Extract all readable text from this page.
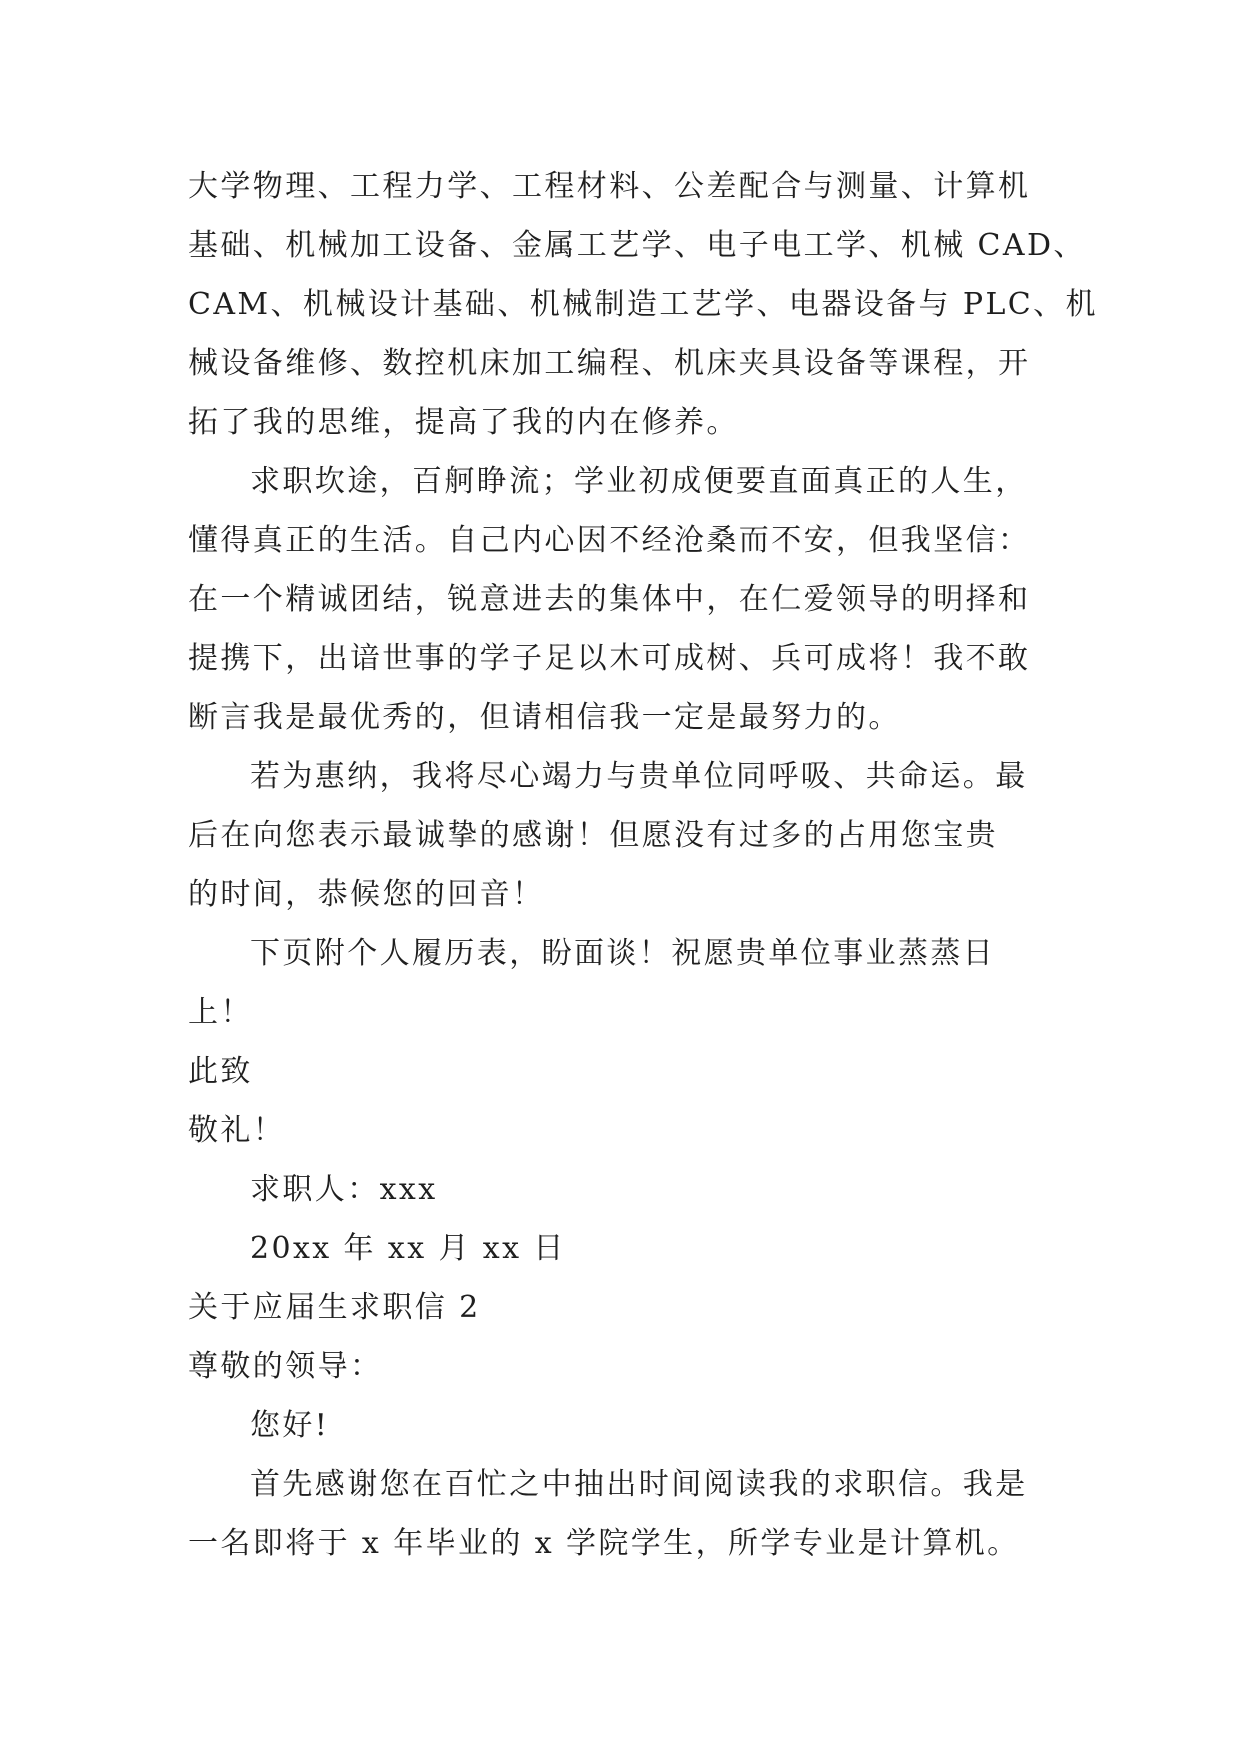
大学物理、工程力学、工程材料、公差配合与测量、计算机

基础、机械加工设备、金属工艺学、电子电工学、机械 CAD、

CAM、机械设计基础、机械制造工艺学、电器设备与 PLC、机

械设备维修、数控机床加工编程、机床夹具设备等课程，开

拓了我的思维，提高了我的内在修养。

求职坎途，百舸睁流；学业初成便要直面真正的人生，

懂得真正的生活。自己内心因不经沧桑而不安，但我坚信：

在一个精诚团结，锐意进去的集体中，在仁爱领导的明择和

提携下，出谙世事的学子足以木可成树、兵可成将！我不敢

断言我是最优秀的，但请相信我一定是最努力的。

若为惠纳，我将尽心竭力与贵单位同呼吸、共命运。最

后在向您表示最诚挚的感谢！但愿没有过多的占用您宝贵

的时间，恭候您的回音！

下页附个人履历表，盼面谈！祝愿贵单位事业蒸蒸日

上！

此致

敬礼！

求职人：xxx

20xx 年 xx 月 xx 日

关于应届生求职信 2

尊敬的领导：

您好!

首先感谢您在百忙之中抽出时间阅读我的求职信。我是

一名即将于 x 年毕业的 x 学院学生，所学专业是计算机。
